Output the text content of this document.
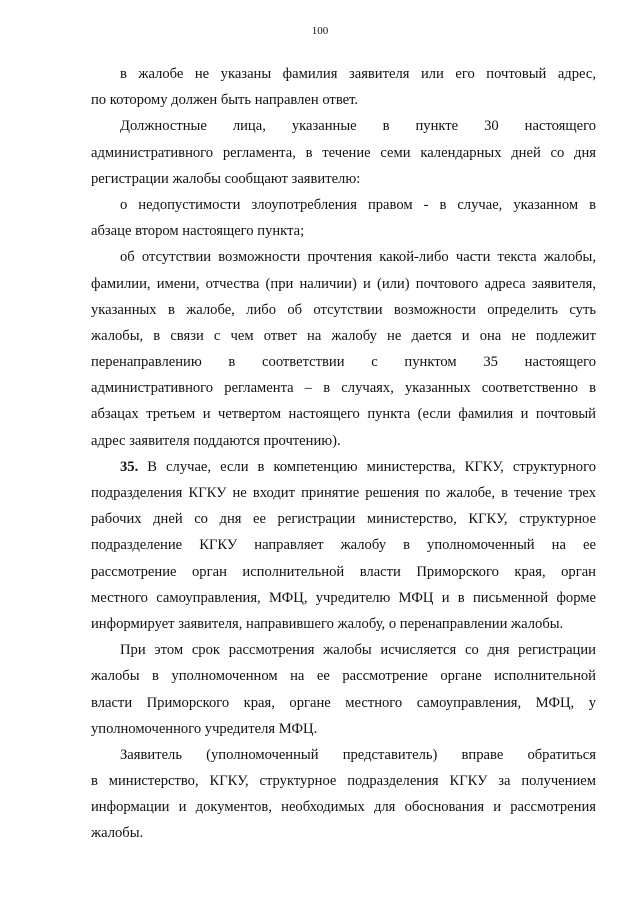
100
в жалобе не указаны фамилия заявителя или его почтовый адрес,
по которому должен быть направлен ответ.
Должностные лица, указанные в пункте 30 настоящего
административного регламента, в течение семи календарных дней со дня
регистрации жалобы сообщают заявителю:
о недопустимости злоупотребления правом - в случае, указанном в
абзаце втором настоящего пункта;
об отсутствии возможности прочтения какой-либо части текста жалобы,
фамилии, имени, отчества (при наличии) и (или) почтового адреса заявителя,
указанных в жалобе, либо об отсутствии возможности определить суть
жалобы, в связи с чем ответ на жалобу не дается и она не подлежит
перенаправлению в соответствии с пунктом 35 настоящего
административного регламента – в случаях, указанных соответственно в
абзацах третьем и четвертом настоящего пункта (если фамилия и почтовый
адрес заявителя поддаются прочтению).
35. В случае, если в компетенцию министерства, КГКУ, структурного
подразделения КГКУ не входит принятие решения по жалобе, в течение трех
рабочих дней со дня ее регистрации министерство, КГКУ, структурное
подразделение КГКУ направляет жалобу в уполномоченный на ее
рассмотрение орган исполнительной власти Приморского края, орган
местного самоуправления, МФЦ, учредителю МФЦ и в письменной форме
информирует заявителя, направившего жалобу, о перенаправлении жалобы.
При этом срок рассмотрения жалобы исчисляется со дня регистрации
жалобы в уполномоченном на ее рассмотрение органе исполнительной
власти Приморского края, органе местного самоуправления, МФЦ, у
уполномоченного учредителя МФЦ.
Заявитель (уполномоченный представитель) вправе обратиться
в министерство, КГКУ, структурное подразделения КГКУ за получением
информации и документов, необходимых для обоснования и рассмотрения
жалобы.
